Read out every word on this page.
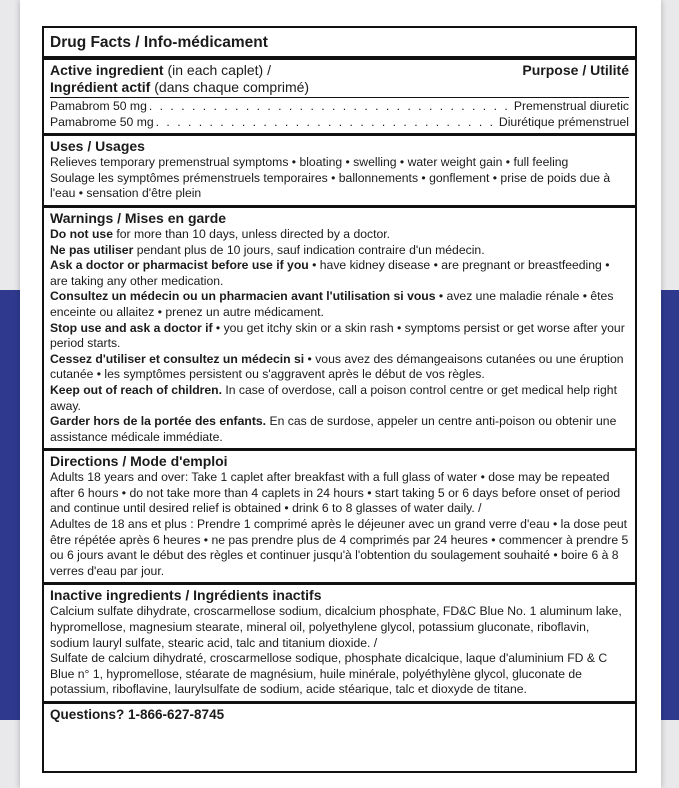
Drug Facts / Info-médicament
Active ingredient (in each caplet) /	Purpose / Utilité
Ingrédient actif (dans chaque comprimé)
Pamabrom 50 mg . . .	Premenstrual diuretic
Pamabrome 50 mg . . .	Diurétique prémenstruel
Uses / Usages

Relieves temporary premenstrual symptoms • bloating • swelling • water weight gain • full feeling

Soulage les symptômes prémenstruels temporaires • ballonnements • gonflement • prise de poids due à l'eau • sensation d'être plein

Warnings / Mises en garde

Do not use for more than 10 days, unless directed by a doctor.

Ne pas utiliser pendant plus de 10 jours, sauf indication contraire d'un médecin.

Ask a doctor or pharmacist before use if you • have kidney disease • are pregnant or breastfeeding • are taking any other medication.

Consultez un médecin ou un pharmacien avant l'utilisation si vous • avez une maladie rénale • êtes enceinte ou allaitez • prenez un autre médicament.

Stop use and ask a doctor if • you get itchy skin or a skin rash • symptoms persist or get worse after your period starts.

Cessez d'utiliser et consultez un médecin si • vous avez des démangeaisons cutanées ou une éruption cutanée • les symptômes persistent ou s'aggravent après le début de vos règles.

Keep out of reach of children. In case of overdose, call a poison control centre or get medical help right away.

Garder hors de la portée des enfants. En cas de surdose, appeler un centre anti-poison ou obtenir une assistance médicale immédiate.

Directions / Mode d'emploi

Adults 18 years and over: Take 1 caplet after breakfast with a full glass of water • dose may be repeated after 6 hours • do not take more than 4 caplets in 24 hours • start taking 5 or 6 days before onset of period and continue until desired relief is obtained • drink 6 to 8 glasses of water daily. /

Adultes de 18 ans et plus : Prendre 1 comprimé après le déjeuner avec un grand verre d'eau • la dose peut être répétée après 6 heures • ne pas prendre plus de 4 comprimés par 24 heures • commencer à prendre 5 ou 6 jours avant le début des règles et continuer jusqu'à l'obtention du soulagement souhaité • boire 6 à 8 verres d'eau par jour.

Inactive ingredients / Ingrédients inactifs

Calcium sulfate dihydrate, croscarmellose sodium, dicalcium phosphate, FD&C Blue No. 1 aluminum lake, hypromellose, magnesium stearate, mineral oil, polyethylene glycol, potassium gluconate, riboflavin, sodium lauryl sulfate, stearic acid, talc and titanium dioxide. /

Sulfate de calcium dihydraté, croscarmellose sodique, phosphate dicalcique, laque d'aluminium FD & C Blue n° 1, hypromellose, stéarate de magnésium, huile minérale, polyéthylène glycol, gluconate de potassium, riboflavine, laurylsulfate de sodium, acide stéarique, talc et dioxyde de titane.

Questions? 1-866-627-8745
